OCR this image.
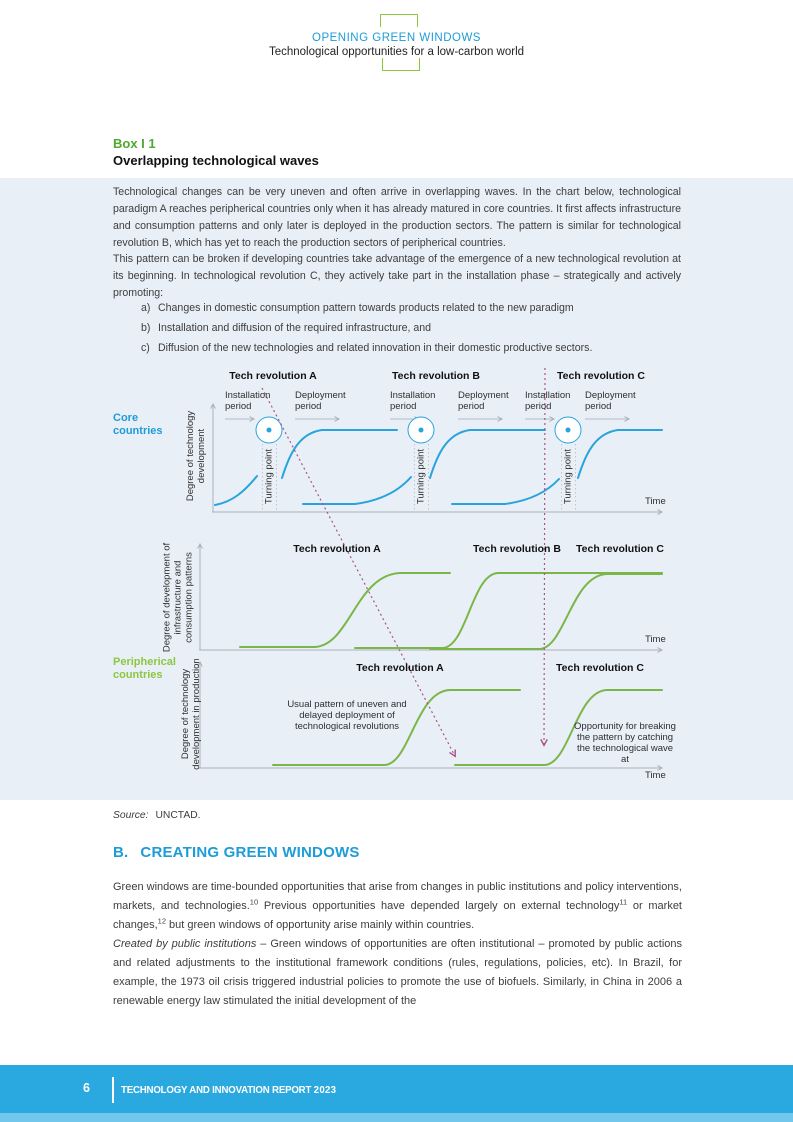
OPENING GREEN WINDOWS
Technological opportunities for a low-carbon world
Box I 1
Overlapping technological waves
Technological changes can be very uneven and often arrive in overlapping waves. In the chart below, technological paradigm A reaches peripherical countries only when it has already matured in core countries. It first affects infrastructure and consumption patterns and only later is deployed in the production sectors. The pattern is similar for technological revolution B, which has yet to reach the production sectors of peripherical countries.
This pattern can be broken if developing countries take advantage of the emergence of a new technological revolution at its beginning. In technological revolution C, they actively take part in the installation phase – strategically and actively promoting:
a) Changes in domestic consumption pattern towards products related to the new paradigm
b) Installation and diffusion of the required infrastructure, and
c) Diffusion of the new technologies and related innovation in their domestic productive sectors.
Core countries
Peripherical countries
Tech revolution A	Tech revolution B	Tech revolution C
Installation period
Deployment period
Installation period
Deployment period
Installation period
Deployment period
Turning point	Turning point	Turning point
Degree of technology development
Degree of development of infrastructure and consumption patterns
Degree of technology development in production
Time
Time
Time
Tech revolution A	Tech revolution B Tech revolution C
Tech revolution A	Tech revolution C
Usual pattern of uneven and delayed deployment of technological revolutions	Opportunity for breaking the pattern by catching the technological wave at
Source: UNCTAD.
B. CREATING GREEN WINDOWS
Green windows are time-bounded opportunities that arise from changes in public institutions and policy interventions, markets, and technologies.$^{10}$ Previous opportunities have depended largely on external technology$^{11}$ or market changes,$^{12}$ but green windows of opportunity arise mainly within countries.
Created by public institutions – Green windows of opportunities are often institutional – promoted by public actions and related adjustments to the institutional framework conditions (rules, regulations, policies, etc). In Brazil, for example, the 1973 oil crisis triggered industrial policies to promote the use of biofuels. Similarly, in China in 2006 a renewable energy law stimulated the initial development of the
6	TECHNOLOGY AND INNOVATION REPORT 2023
